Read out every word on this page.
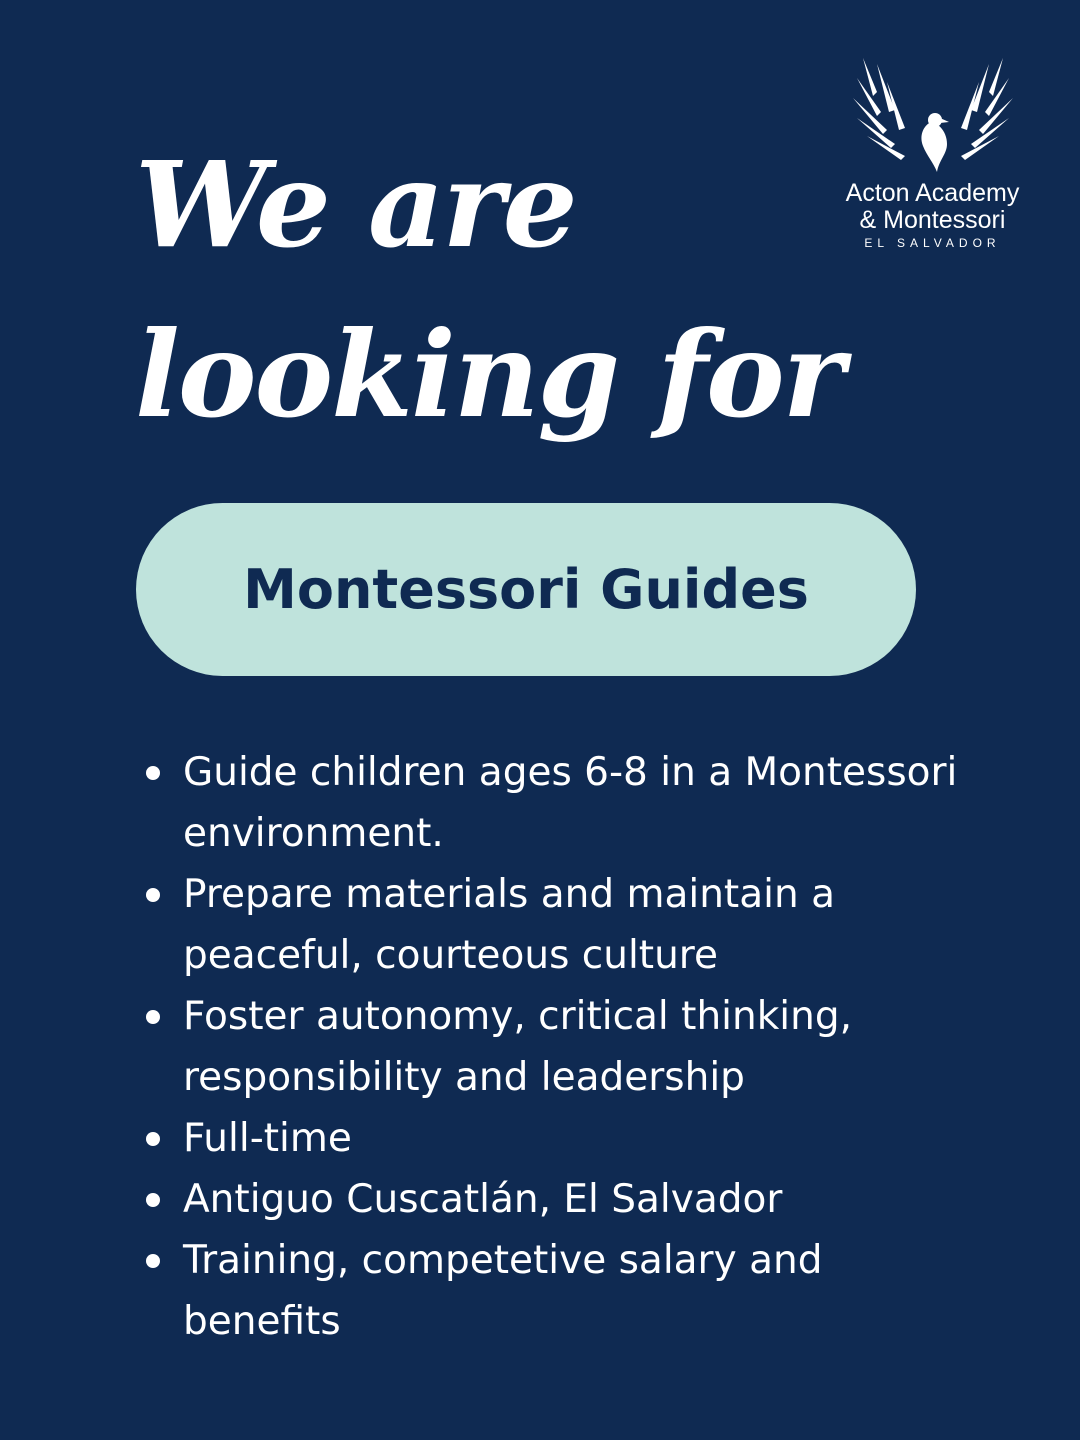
We are
looking for
Acton Academy
& Montessori
EL SALVADOR
Montessori Guides
Guide children ages 6-8 in a Montessori environment.
Prepare materials and maintain a peaceful, courteous culture
Foster autonomy, critical thinking, responsibility and leadership
Full-time
Antiguo Cuscatlán, El Salvador
Training, competetive salary and benefits
